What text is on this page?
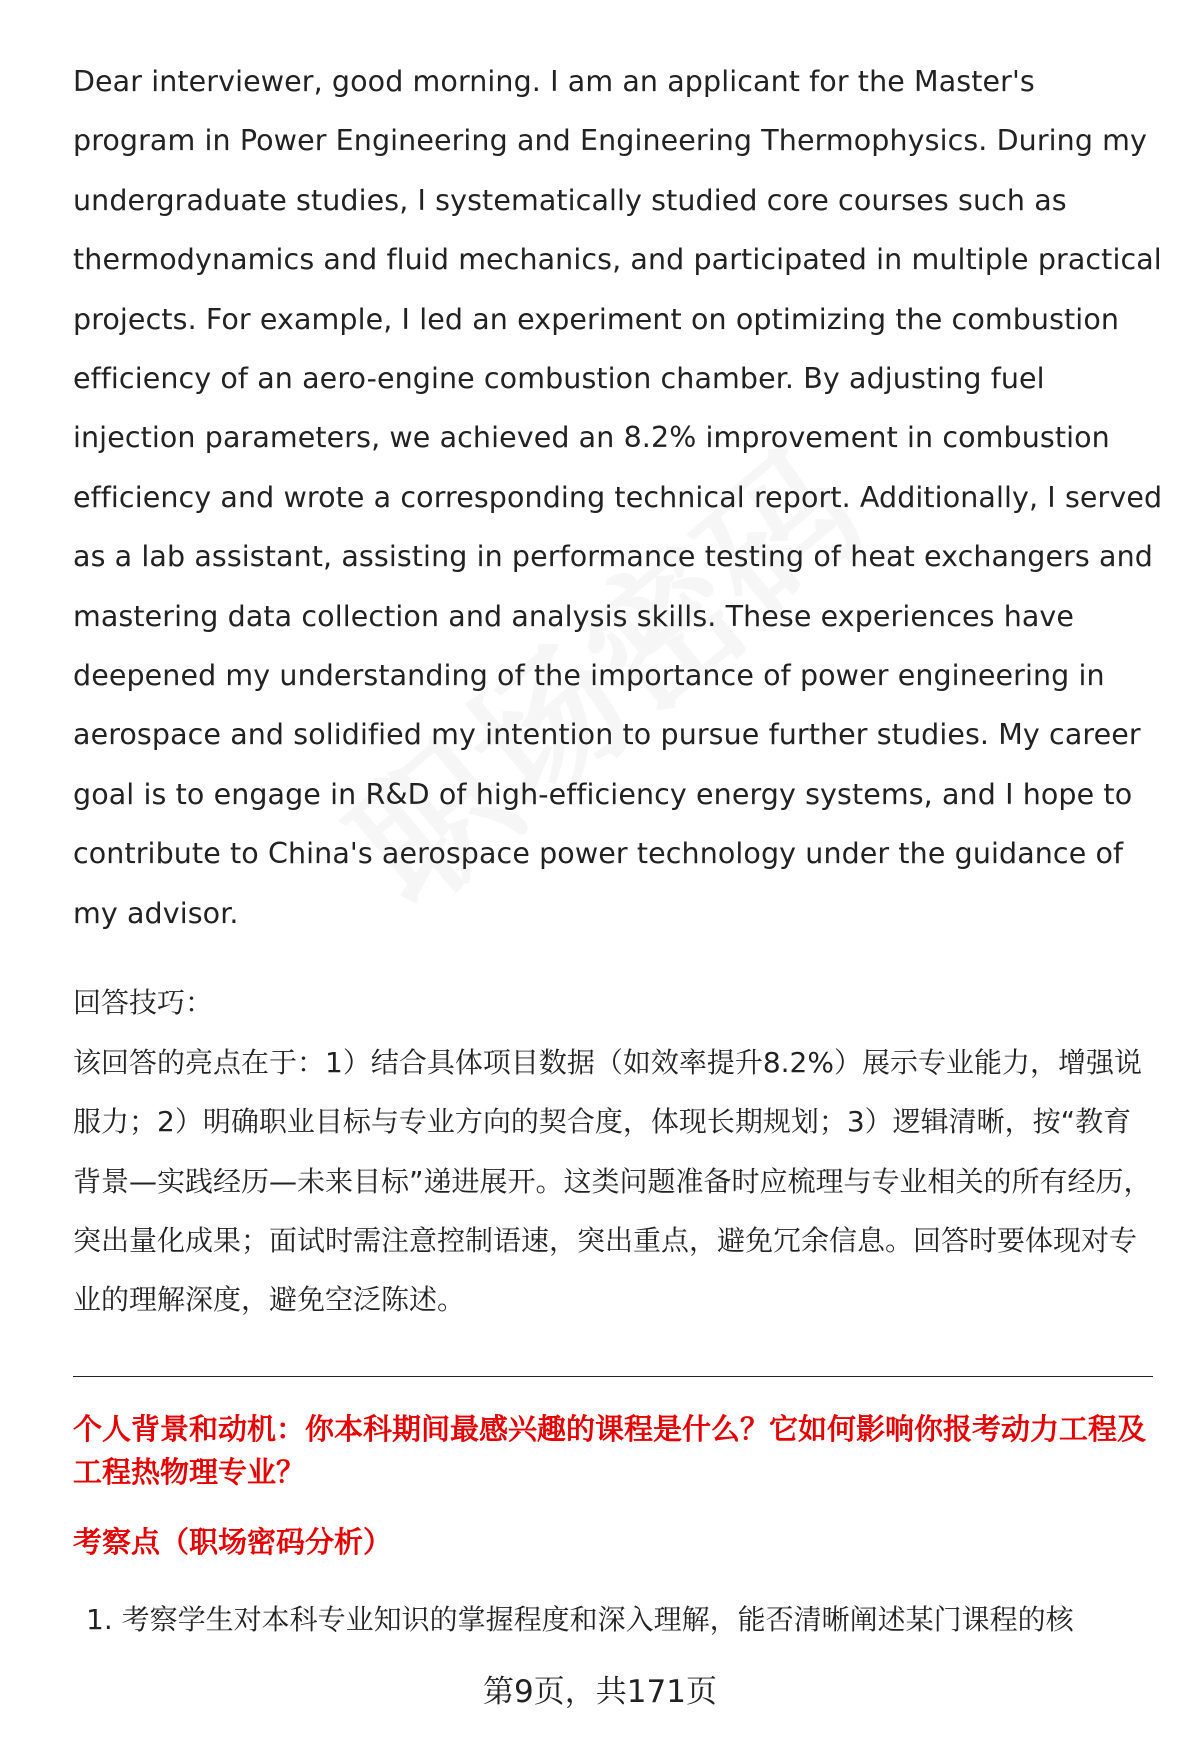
Dear interviewer, good morning. I am an applicant for the Master's program in Power Engineering and Engineering Thermophysics. During my undergraduate studies, I systematically studied core courses such as thermodynamics and fluid mechanics, and participated in multiple practical projects. For example, I led an experiment on optimizing the combustion efficiency of an aero-engine combustion chamber. By adjusting fuel injection parameters, we achieved an 8.2% improvement in combustion efficiency and wrote a corresponding technical report. Additionally, I served as a lab assistant, assisting in performance testing of heat exchangers and mastering data collection and analysis skills. These experiences have deepened my understanding of the importance of power engineering in aerospace and solidified my intention to pursue further studies. My career goal is to engage in R&D of high-efficiency energy systems, and I hope to contribute to China's aerospace power technology under the guidance of my advisor.
回答技巧：
该回答的亮点在于：1）结合具体项目数据（如效率提升8.2%）展示专业能力，增强说服力；2）明确职业目标与专业方向的契合度，体现长期规划；3）逻辑清晰，按“教育背景—实践经历—未来目标”递进展开。这类问题准备时应梳理与专业相关的所有经历，突出量化成果；面试时需注意控制语速，突出重点，避免冗余信息。回答时要体现对专业的理解深度，避免空泛陈述。
个人背景和动机：你本科期间最感兴趣的课程是什么？它如何影响你报考动力工程及工程热物理专业？
考察点（职场密码分析）
1. 考察学生对本科专业知识的掌握程度和深入理解，能否清晰阐述某门课程的核
第9页，共171页
